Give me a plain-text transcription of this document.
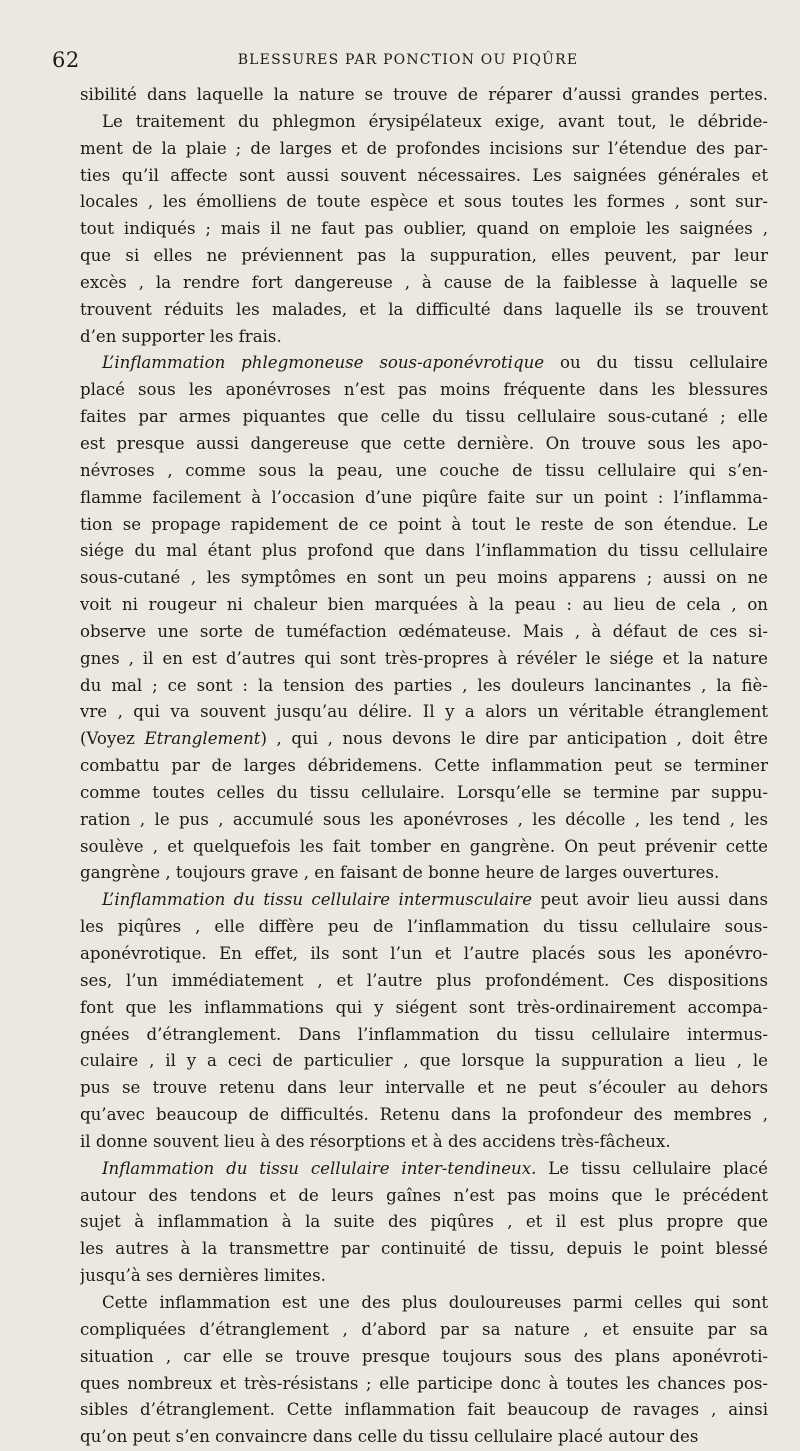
62	BLESSURES PAR PONCTION OU PIQÛRE
sibilité dans laquelle la nature se trouve de réparer d’aussi grandes pertes.
Le traitement du phlegmon érysipélateux exige, avant tout, le débride-
ment de la plaie ; de larges et de profondes incisions sur l’étendue des par-
ties qu’il affecte sont aussi souvent nécessaires. Les saignées générales et
locales , les émolliens de toute espèce et sous toutes les formes , sont sur-
tout indiqués ; mais il ne faut pas oublier, quand on emploie les saignées ,
que si elles ne préviennent pas la suppuration, elles peuvent, par leur
excès , la rendre fort dangereuse , à cause de la faiblesse à laquelle se
trouvent réduits les malades, et la difficulté dans laquelle ils se trouvent
d’en supporter les frais.
L’inflammation phlegmoneuse sous-aponévrotique ou du tissu cellulaire
placé sous les aponévroses n’est pas moins fréquente dans les blessures
faites par armes piquantes que celle du tissu cellulaire sous-cutané ; elle
est presque aussi dangereuse que cette dernière. On trouve sous les apo-
névroses , comme sous la peau, une couche de tissu cellulaire qui s’en-
flamme facilement à l’occasion d’une piqûre faite sur un point : l’inflamma-
tion se propage rapidement de ce point à tout le reste de son étendue. Le
siége du mal étant plus profond que dans l’inflammation du tissu cellulaire
sous-cutané , les symptômes en sont un peu moins apparens ; aussi on ne
voit ni rougeur ni chaleur bien marquées à la peau : au lieu de cela , on
observe une sorte de tuméfaction œdémateuse. Mais , à défaut de ces si-
gnes , il en est d’autres qui sont très-propres à révéler le siége et la nature
du mal ; ce sont : la tension des parties , les douleurs lancinantes , la fiè-
vre , qui va souvent jusqu’au délire. Il y a alors un véritable étranglement
(Voyez Etranglement) , qui , nous devons le dire par anticipation , doit être
combattu par de larges débridemens. Cette inflammation peut se terminer
comme toutes celles du tissu cellulaire. Lorsqu’elle se termine par suppu-
ration , le pus , accumulé sous les aponévroses , les décolle , les tend , les
soulève , et quelquefois les fait tomber en gangrène. On peut prévenir cette
gangrène , toujours grave , en faisant de bonne heure de larges ouvertures.
L’inflammation du tissu cellulaire intermusculaire peut avoir lieu aussi dans
les piqûres , elle diffère peu de l’inflammation du tissu cellulaire sous-
aponévrotique. En effet, ils sont l’un et l’autre placés sous les aponévro-
ses, l’un immédiatement , et l’autre plus profondément. Ces dispositions
font que les inflammations qui y siégent sont très-ordinairement accompa-
gnées d’étranglement. Dans l’inflammation du tissu cellulaire intermus-
culaire , il y a ceci de particulier , que lorsque la suppuration a lieu , le
pus se trouve retenu dans leur intervalle et ne peut s’écouler au dehors
qu’avec beaucoup de difficultés. Retenu dans la profondeur des membres ,
il donne souvent lieu à des résorptions et à des accidens très-fâcheux.
Inflammation du tissu cellulaire inter-tendineux. Le tissu cellulaire placé
autour des tendons et de leurs gaînes n’est pas moins que le précédent
sujet à inflammation à la suite des piqûres , et il est plus propre que
les autres à la transmettre par continuité de tissu, depuis le point blessé
jusqu’à ses dernières limites.
Cette inflammation est une des plus douloureuses parmi celles qui sont
compliquées d’étranglement , d’abord par sa nature , et ensuite par sa
situation , car elle se trouve presque toujours sous des plans aponévroti-
ques nombreux et très-résistans ; elle participe donc à toutes les chances pos-
sibles d’étranglement. Cette inflammation fait beaucoup de ravages , ainsi
qu’on peut s’en convaincre dans celle du tissu cellulaire placé autour des
